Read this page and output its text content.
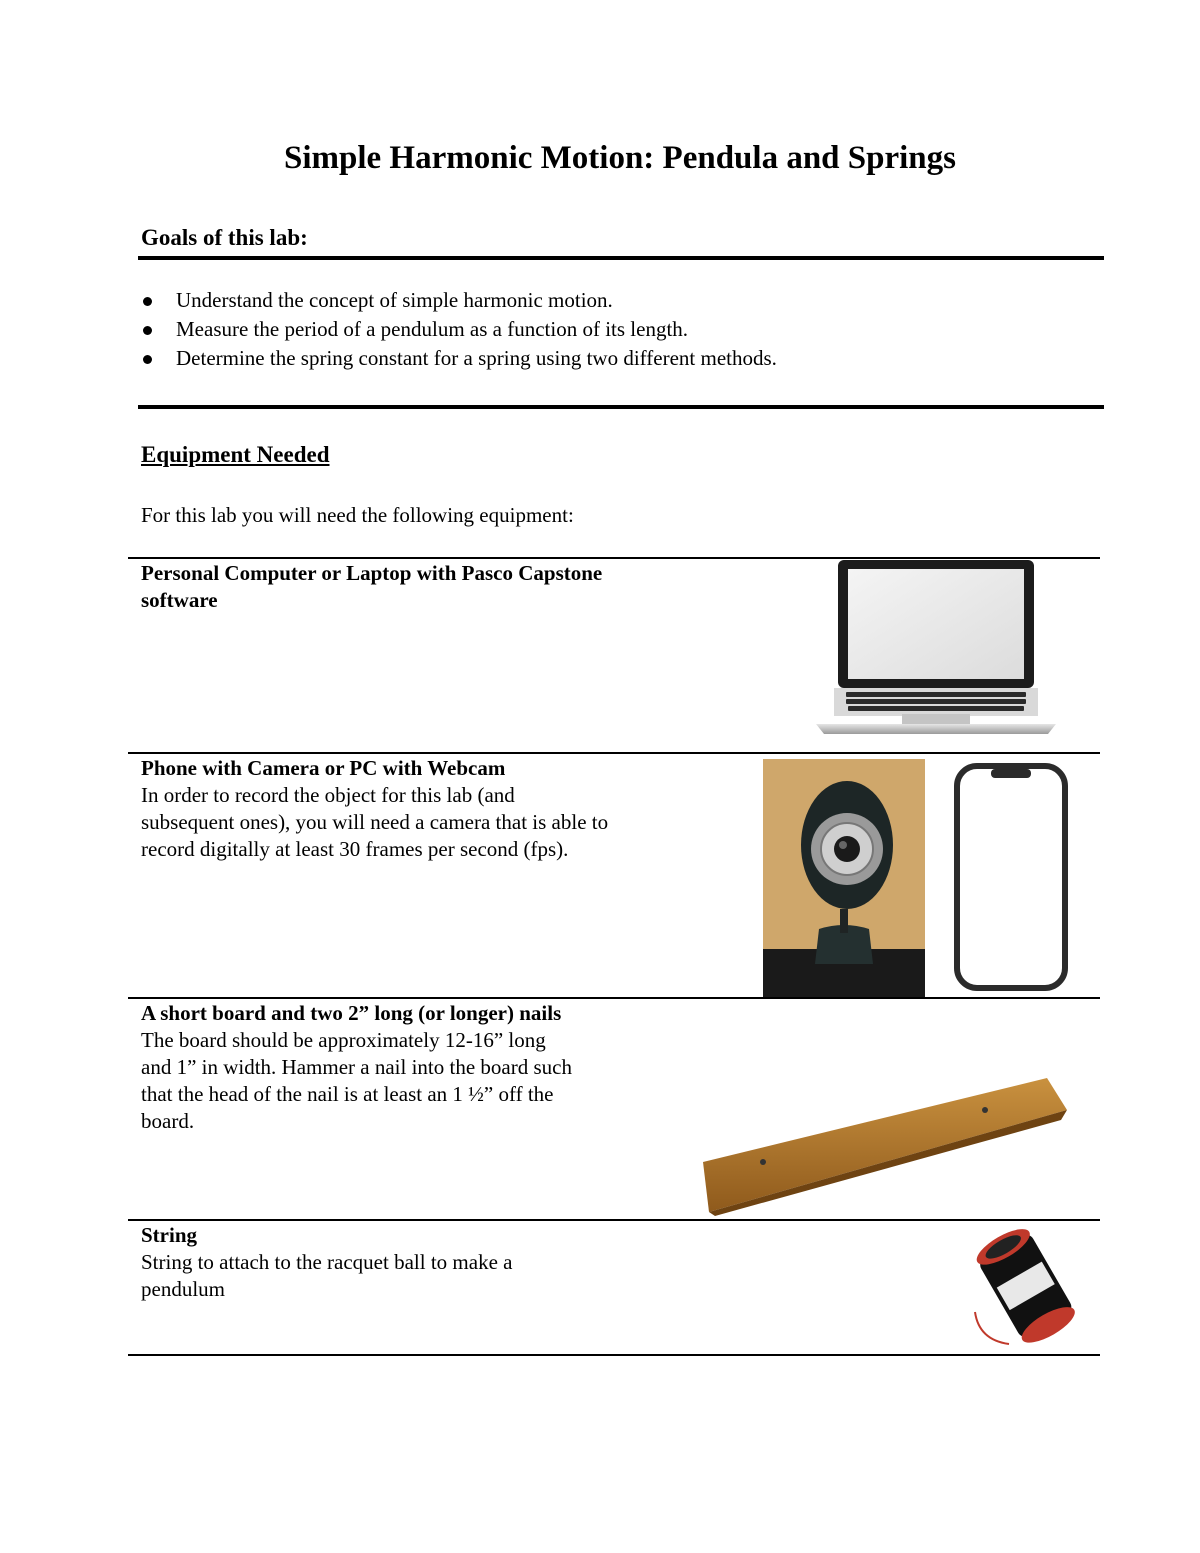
Simple Harmonic Motion: Pendula and Springs
Goals of this lab:
Understand the concept of simple harmonic motion.
Measure the period of a pendulum as a function of its length.
Determine the spring constant for a spring using two different methods.
Equipment Needed
For this lab you will need the following equipment:
Personal Computer or Laptop with Pasco Capstone software
Phone with Camera or PC with Webcam
In order to record the object for this lab (and subsequent ones), you will need a camera that is able to record digitally at least 30 frames per second (fps).
A short board and two 2” long (or longer) nails
The board should be approximately 12-16” long and 1” in width. Hammer a nail into the board such that the head of the nail is at least an 1 ½” off the board.
String
String to attach to the racquet ball to make a pendulum
